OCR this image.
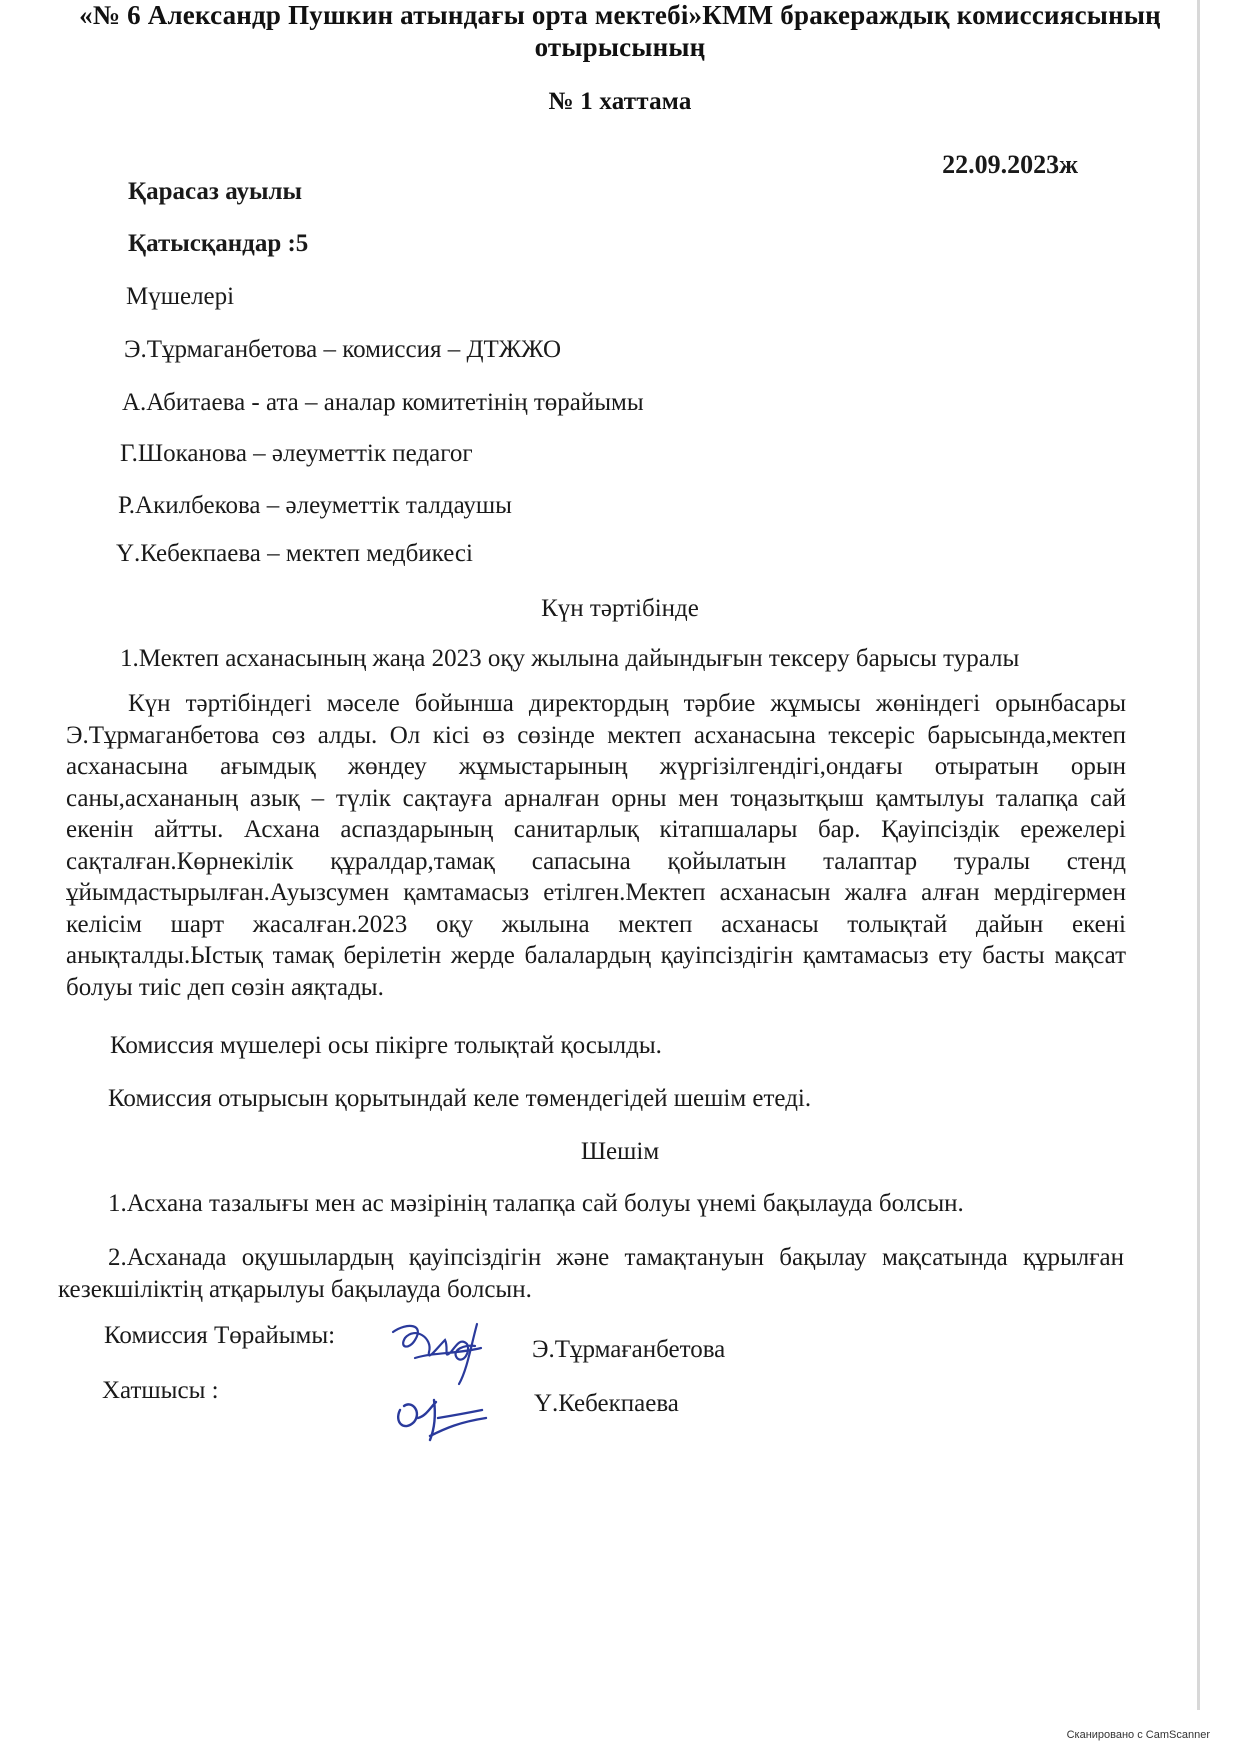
«№ 6 Александр Пушкин атындағы орта мектебі»КММ бракераждық комиссиясының
отырысының
№ 1 хаттама
22.09.2023ж
Қарасаз ауылы
Қатысқандар :5
Мүшелері
Э.Тұрмаганбетова – комиссия – ДТЖЖО
А.Абитаева - ата – аналар комитетінің төрайымы
Г.Шоканова – әлеуметтік педагог
Р.Акилбекова – әлеуметтік талдаушы
Ү.Кебекпаева – мектеп медбикесі
Күн тәртібінде
1.Мектеп асханасының жаңа 2023 оқу жылына дайындығын тексеру барысы туралы
Күн тәртібіндегі мәселе бойынша директордың тәрбие жұмысы жөніндегі орынбасары Э.Тұрмаганбетова сөз алды. Ол кісі өз сөзінде мектеп асханасына тексеріс барысында,мектеп асханасына ағымдық жөндеу жұмыстарының жүргізілгендігі,ондағы отыратын орын саны,асхананың азық – түлік сақтауға арналған орны мен тоңазытқыш қамтылуы талапқа сай екенін айтты. Асхана аспаздарының санитарлық кітапшалары бар. Қауіпсіздік ережелері сақталған.Көрнекілік құралдар,тамақ сапасына қойылатын талаптар туралы стенд ұйымдастырылған.Ауызсумен қамтамасыз етілген.Мектеп асханасын жалға алған мердігермен келісім шарт жасалған.2023 оқу жылына мектеп асханасы толықтай дайын екені анықталды.Ыстық тамақ берілетін жерде балалардың қауіпсіздігін қамтамасыз ету басты мақсат болуы тиіс деп сөзін аяқтады.
Комиссия мүшелері осы пікірге толықтай қосылды.
Комиссия отырысын қорытындай келе төмендегідей шешім етеді.
Шешім
1.Асхана тазалығы мен ас мәзірінің талапқа сай болуы үнемі бақылауда болсын.
2.Асханада оқушылардың қауіпсіздігін және тамақтануын бақылау мақсатында құрылған кезекшіліктің атқарылуы бақылауда болсын.
Комиссия Төрайымы:
Э.Тұрмағанбетова
Хатшысы :	Ү.Кебекпаева
Сканировано с CamScanner
